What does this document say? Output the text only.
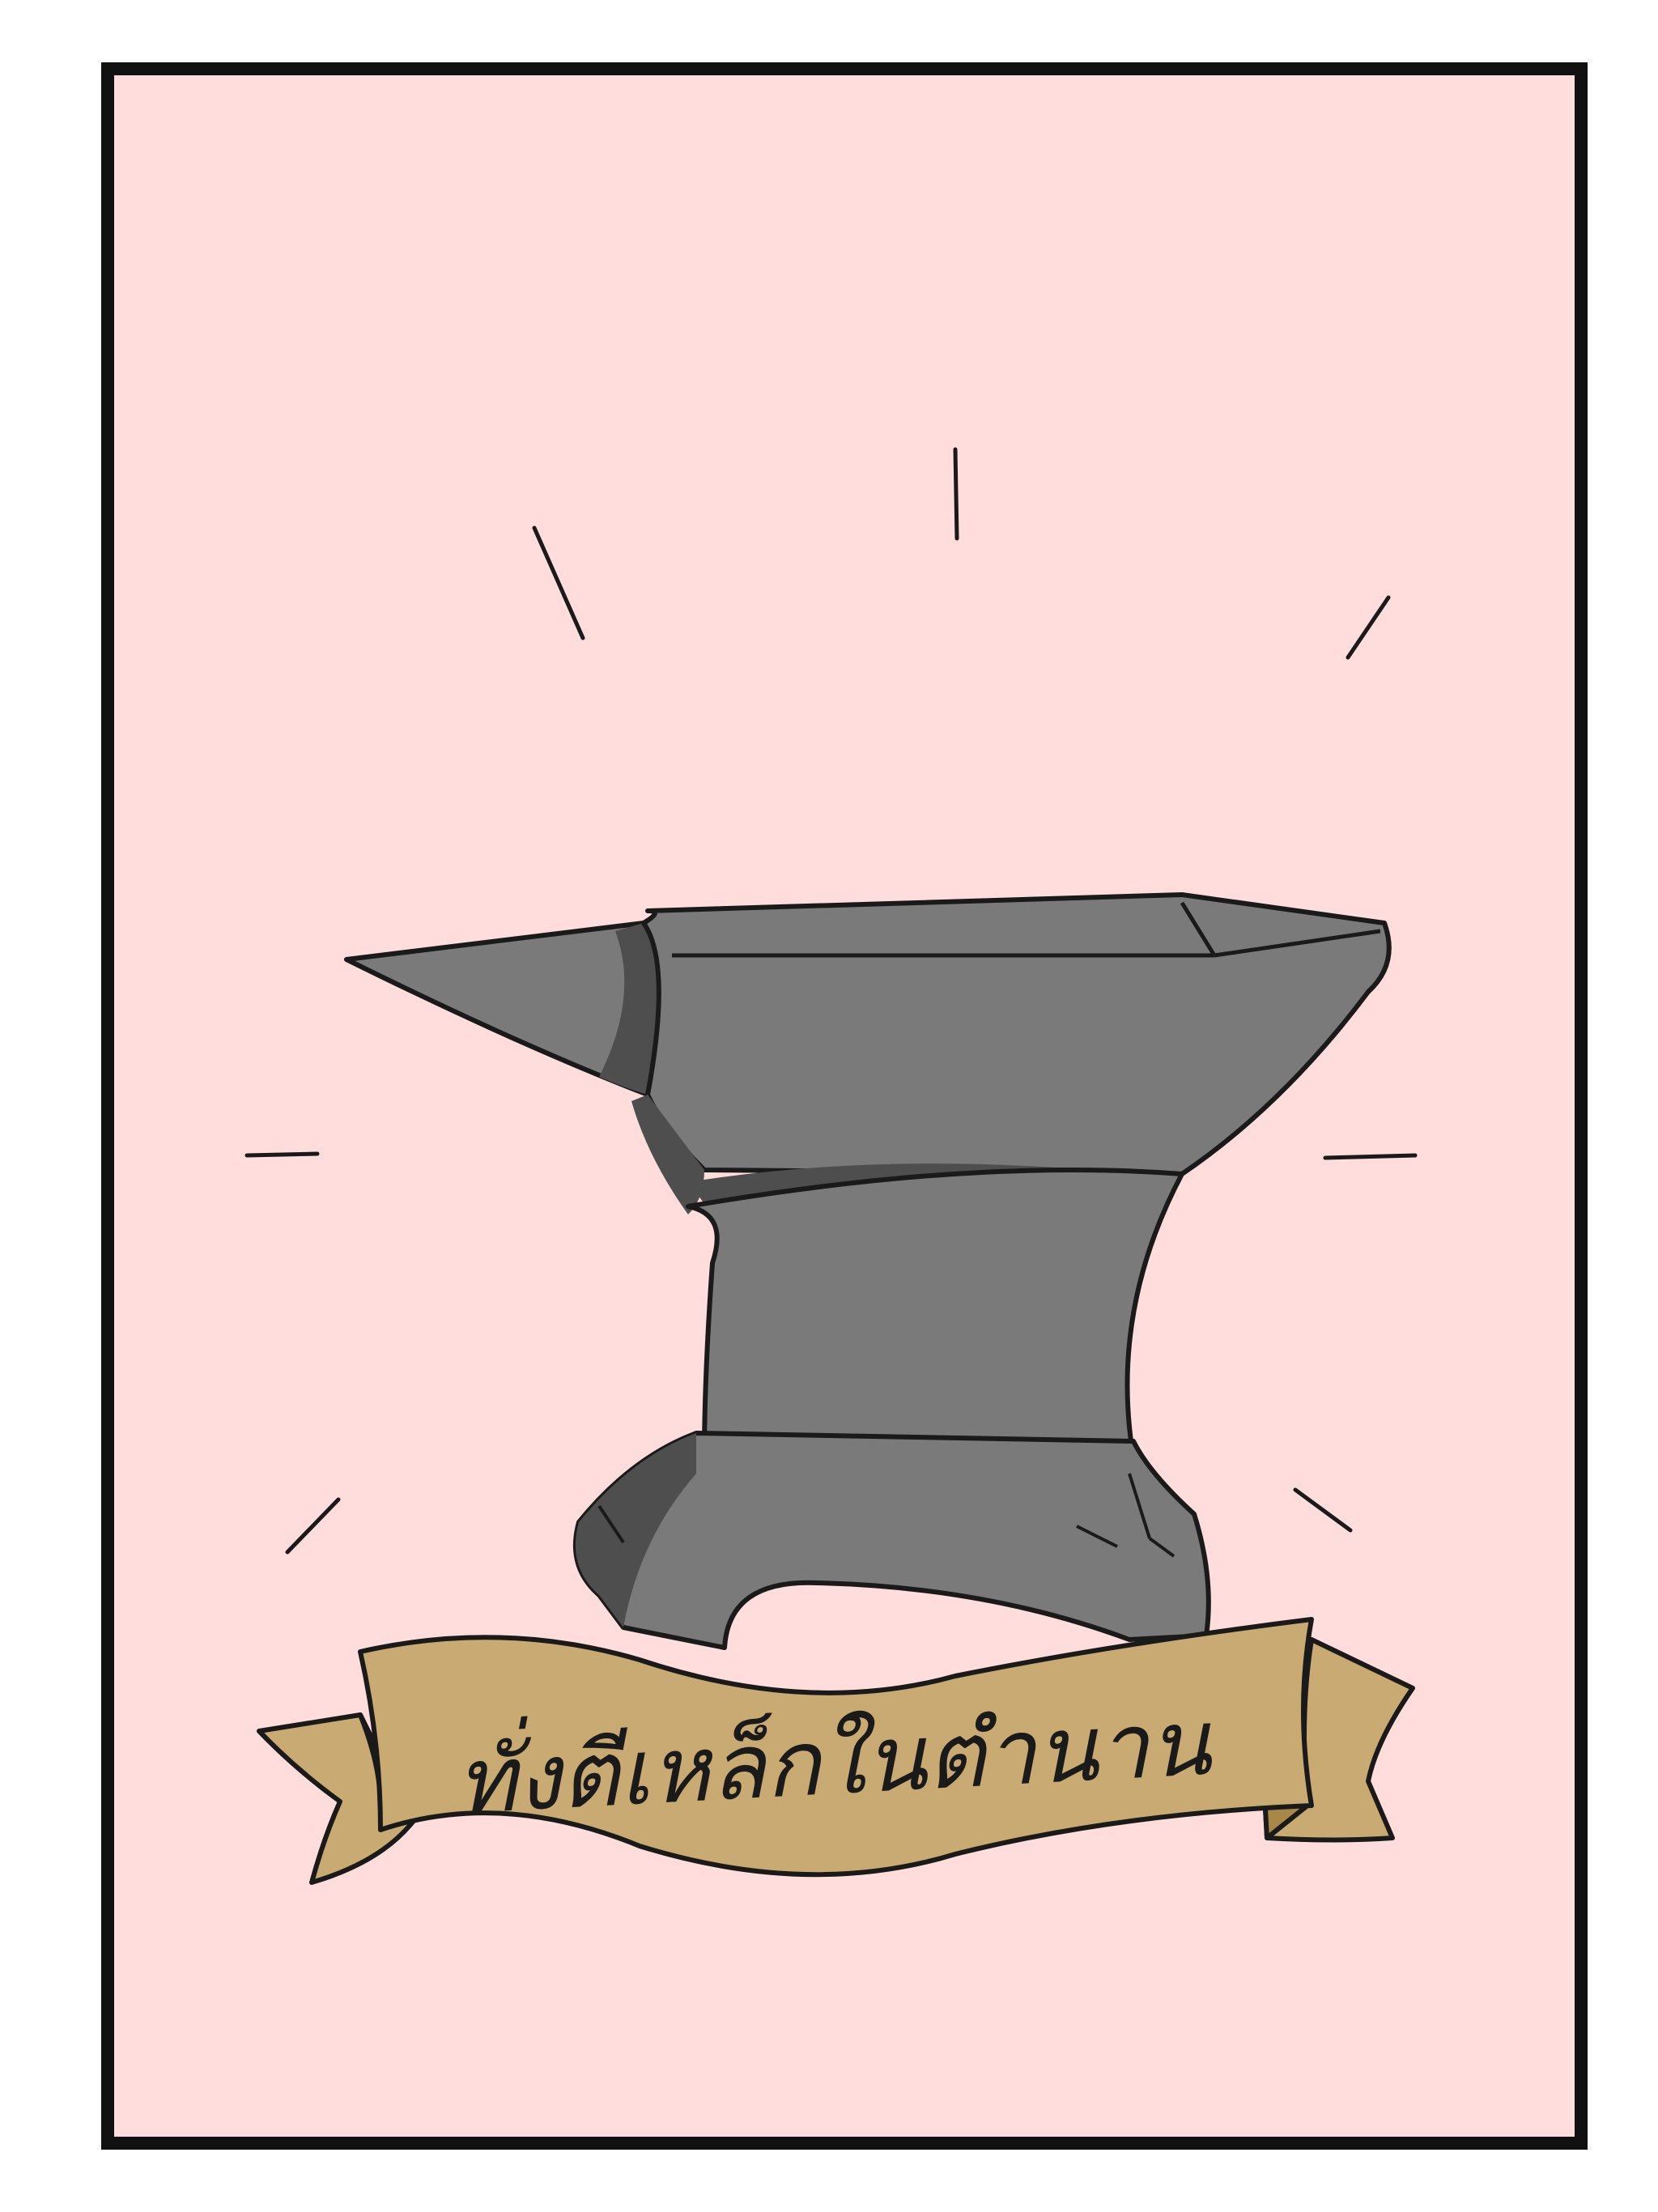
ทั่งตีเหล็กในตำนาน
